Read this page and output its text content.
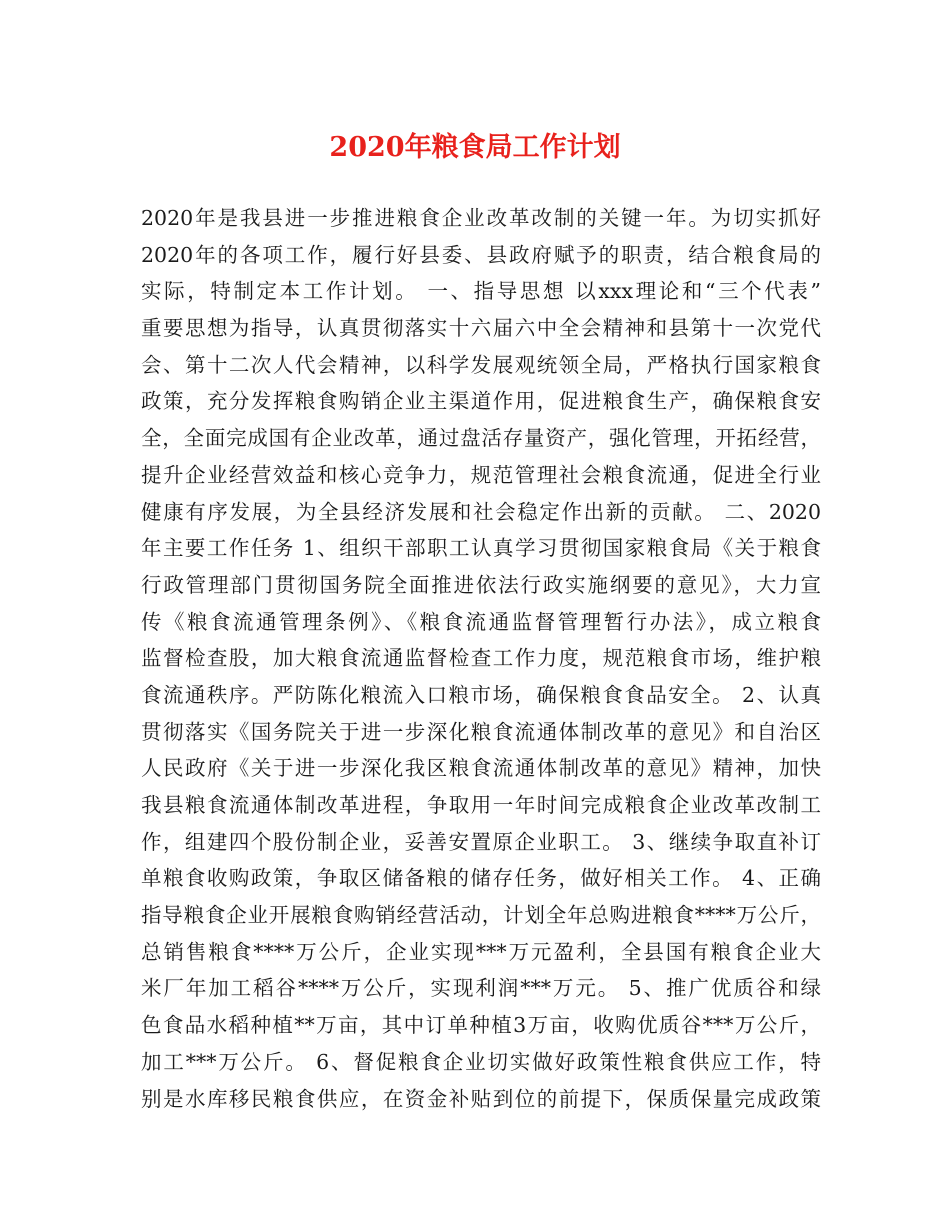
2020年粮食局工作计划
2020年是我县进一步推进粮食企业改革改制的关键一年。为切实抓好
2020年的各项工作，履行好县委、县政府赋予的职责，结合粮食局的
实际，特制定本工作计划。 一、指导思想 以xxx理论和“三个代表”
重要思想为指导，认真贯彻落实十六届六中全会精神和县第十一次党代
会、第十二次人代会精神，以科学发展观统领全局，严格执行国家粮食
政策，充分发挥粮食购销企业主渠道作用，促进粮食生产，确保粮食安
全，全面完成国有企业改革，通过盘活存量资产，强化管理，开拓经营，
提升企业经营效益和核心竞争力，规范管理社会粮食流通，促进全行业
健康有序发展，为全县经济发展和社会稳定作出新的贡献。 二、2020
年主要工作任务 1、组织干部职工认真学习贯彻国家粮食局《关于粮食
行政管理部门贯彻国务院全面推进依法行政实施纲要的意见》，大力宣
传《粮食流通管理条例》、《粮食流通监督管理暂行办法》，成立粮食
监督检查股，加大粮食流通监督检查工作力度，规范粮食市场，维护粮
食流通秩序。严防陈化粮流入口粮市场，确保粮食食品安全。 2、认真
贯彻落实《国务院关于进一步深化粮食流通体制改革的意见》和自治区
人民政府《关于进一步深化我区粮食流通体制改革的意见》精神，加快
我县粮食流通体制改革进程，争取用一年时间完成粮食企业改革改制工
作，组建四个股份制企业，妥善安置原企业职工。 3、继续争取直补订
单粮食收购政策，争取区储备粮的储存任务，做好相关工作。 4、正确
指导粮食企业开展粮食购销经营活动，计划全年总购进粮食****万公斤，
总销售粮食****万公斤，企业实现***万元盈利，全县国有粮食企业大
米厂年加工稻谷****万公斤，实现利润***万元。 5、推广优质谷和绿
色食品水稻种植**万亩，其中订单种植3万亩，收购优质谷***万公斤，
加工***万公斤。 6、督促粮食企业切实做好政策性粮食供应工作，特
别是水库移民粮食供应，在资金补贴到位的前提下，保质保量完成政策
